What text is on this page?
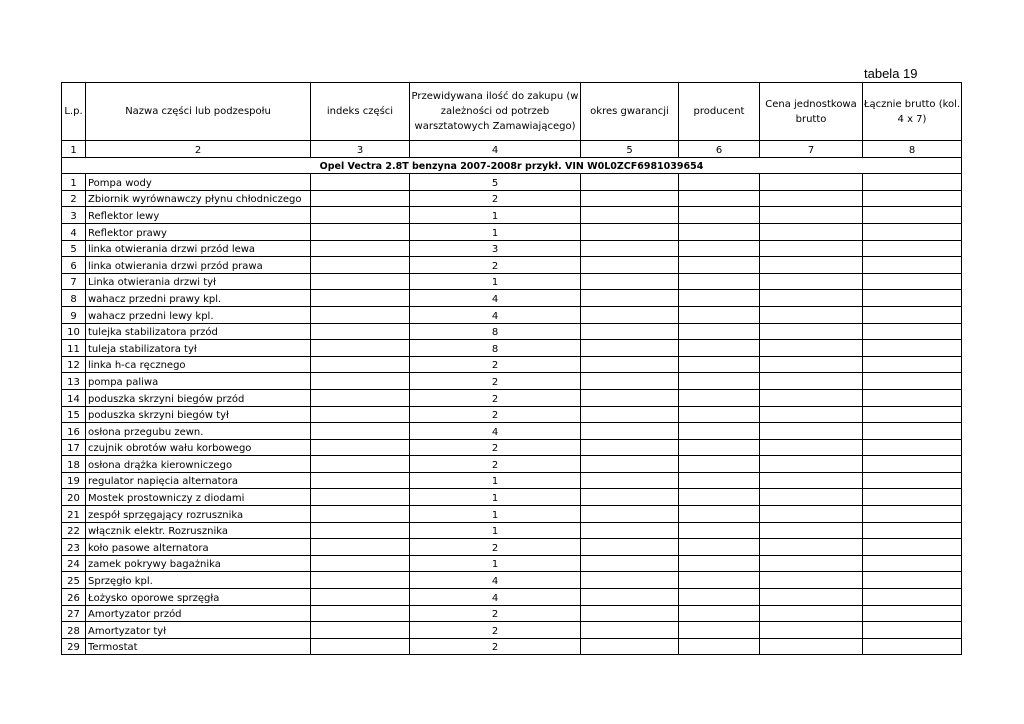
tabela 19
L.p.	Nazwa części lub podzespołu	indeks części	Przewidywana ilość do zakupu (w zależności od potrzeb warsztatowych Zamawiającego)	okres gwarancji	producent	Cena jednostkowa brutto	Łącznie brutto (kol. 4 x 7)
1	2	3	4	5	6	7	8
Opel Vectra 2.8T benzyna 2007-2008r przykł. VIN W0L0ZCF6981039654							
1	Pompa wody		5				
2	Zbiornik wyrównawczy płynu chłodniczego		2				
3	Reflektor lewy		1				
4	Reflektor prawy		1				
5	linka otwierania drzwi przód lewa		3				
6	linka otwierania drzwi przód prawa		2				
7	Linka otwierania drzwi tył		1				
8	wahacz przedni prawy kpl.		4				
9	wahacz przedni lewy kpl.		4				
10	tulejka stabilizatora przód		8				
11	tuleja stabilizatora tył		8				
12	linka h-ca ręcznego		2				
13	pompa paliwa		2				
14	poduszka skrzyni biegów przód		2				
15	poduszka skrzyni biegów tył		2				
16	osłona przegubu zewn.		4				
17	czujnik obrotów wału korbowego		2				
18	osłona drążka kierowniczego		2				
19	regulator napięcia alternatora		1				
20	Mostek prostowniczy z diodami		1				
21	zespół sprzęgający rozrusznika		1				
22	włącznik elektr. Rozrusznika		1				
23	koło pasowe alternatora		2				
24	zamek pokrywy bagażnika		1				
25	Sprzęgło kpl.		4				
26	Łożysko oporowe sprzęgła		4				
27	Amortyzator przód		2				
28	Amortyzator tył		2				
29	Termostat		2				
